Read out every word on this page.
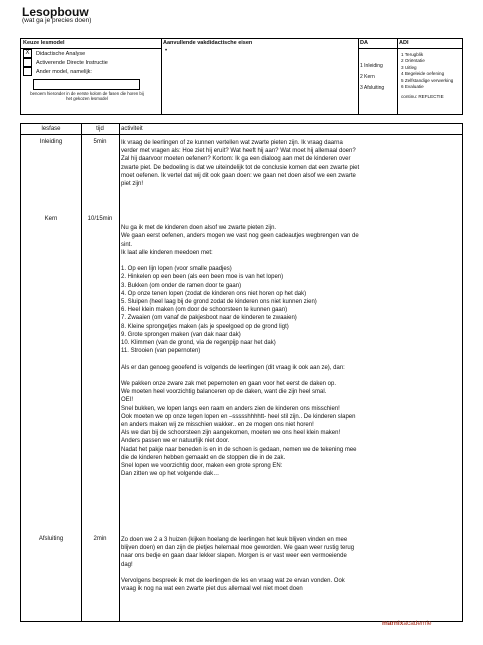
Lesopbouw
(wat ga je precies doen)
Keuze lesmodel
X	Didactische Analyse
Activerende Directe Instructie
Ander model, namelijk:
benoem hieronder in de eerste kolom de fasen die horen bij het gekozen lesmodel
Aanvullende vakdidactische eisen
•
DA
1 Inleiding
2 Kern
3 Afsluiting
ADI
1 Terugblik
2 Oriëntatie
3 Uitleg
4 Begeleide oefening
5 Zelfstandige verwerking
6 Evaluatie
continu: REFLECTIE
lesfase	tijd	activiteit
Inleiding	5min	Ik vraag de leerlingen of ze kunnen vertellen wat zwarte pieten zijn. Ik vraag daarna
verder met vragen als: Hoe ziet hij eruit? Wat heeft hij aan? Wat moet hij allemaal doen?
Zal hij daarvoor moeten oefenen? Kortom: Ik ga een dialoog aan met de kinderen over
zwarte piet. De bedoeling is dat we uiteindelijk tot de conclusie komen dat een zwarte piet
moet oefenen. Ik vertel dat wij dit ook gaan doen: we gaan net doen alsof we een zwarte
piet zijn!
Kern	10/15min

Nu ga ik met de kinderen doen alsof we zwarte pieten zijn.
We gaan eerst oefenen, anders mogen we vast nog geen cadeautjes wegbrengen van de
sint.
Ik laat alle kinderen meedoen met:

1. Op een lijn lopen (voor smalle paadjes)
2. Hinkelen op een been (als een been moe is van het lopen)
3. Bukken (om onder de ramen door te gaan)
4. Op onze tenen lopen (zodat de kinderen ons niet horen op het dak)
5. Sluipen (heel laag bij de grond zodat de kinderen ons niet kunnen zien)
6. Heel klein maken (om door de schoorsteen te kunnen gaan)
7. Zwaaien (om vanaf de pakjesboot naar de kinderen te zwaaien)
8. Kleine sprongetjes maken (als je speelgoed op de grond ligt)
9. Grote sprongen maken (van dak naar dak)
10. Klimmen (van de grond, via de regenpijp naar het dak)
11. Strooien (van pepernoten)

Als er dan genoeg geoefend is volgends de leerlingen (dit vraag ik ook aan ze), dan:

We pakken onze zware zak met pepernoten en gaan voor het eerst de daken op.
We moeten heel voorzichtig balanceren op de daken, want die zijn heel smal.
OEI!
Snel bukken, we lopen langs een raam en anders zien de kinderen ons misschien!
Ook moeten we op onze tegen lopen en –ssssshhhhtt- heel stil zijn.. De kinderen slapen
en anders maken wij ze misschien wakker.. en ze mogen ons niet horen!
Als we dan bij de schoorsteen zijn aangekomen, moeten we ons heel klein maken!
Anders passen we er natuurlijk niet door.
Nadat het pakje naar beneden is en in de schoen is gedaan, nemen we de tekening mee
die de kinderen hebben gemaakt en de stoppen die in de zak.
Snel lopen we voorzichtig door, maken een grote sprong EN:
Dan zitten we op het volgende dak…
Afsluiting	2min	Zo doen we 2 a 3 huizen (kijken hoelang de leerlingen het leuk blijven vinden en mee
blijven doen) en dan zijn de pietjes helemaal moe geworden. We gaan weer rustig terug
naar ons bedje en gaan daar lekker slapen. Morgen is er vast weer een vermoeiende
dag!

Vervolgens bespreek ik met de leerlingen de les en vraag wat ze ervan vonden. Ook
vraag ik nog na wat een zwarte piet dus allemaal wel niet moet doen
marnixacademie
